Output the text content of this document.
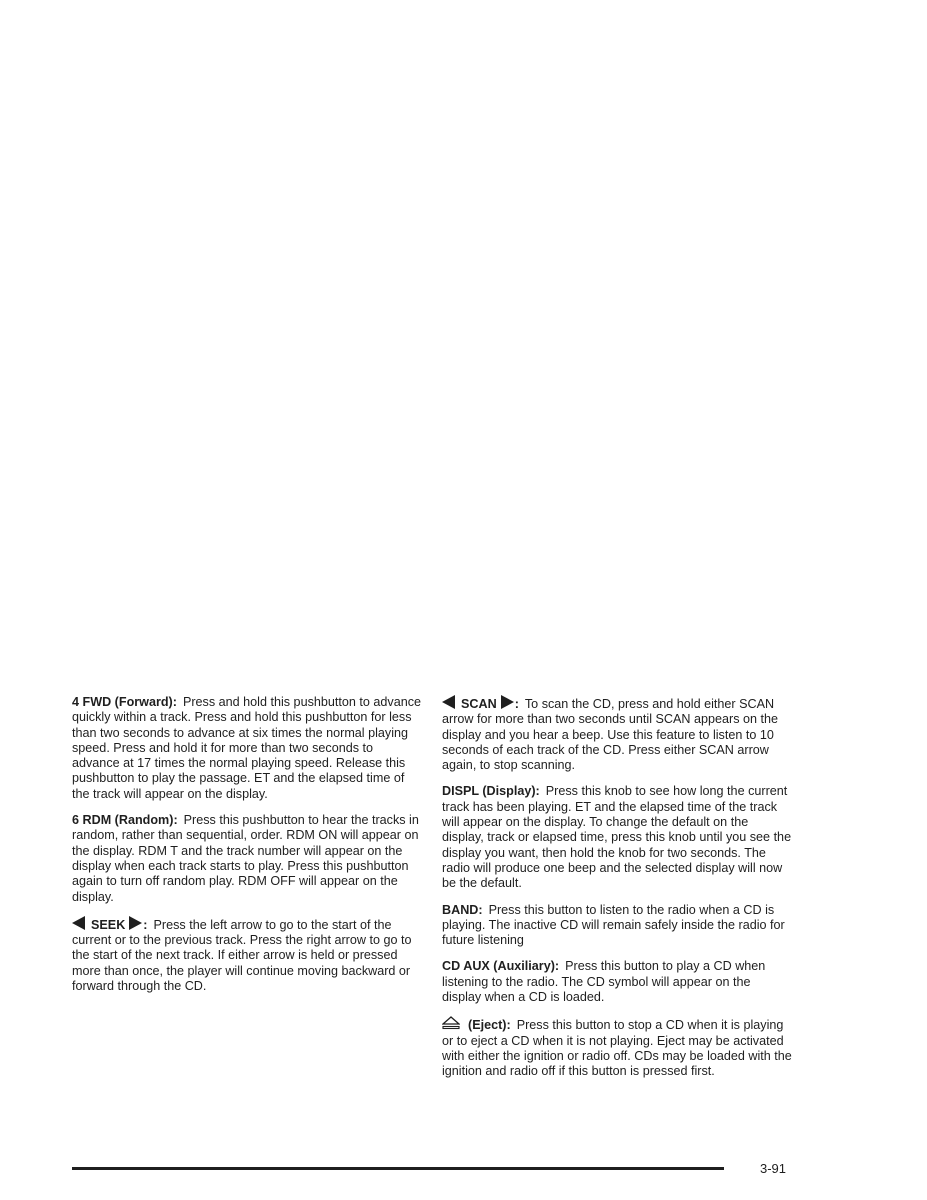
4 FWD (Forward): Press and hold this pushbutton to advance quickly within a track. Press and hold this pushbutton for less than two seconds to advance at six times the normal playing speed. Press and hold it for more than two seconds to advance at 17 times the normal playing speed. Release this pushbutton to play the passage. ET and the elapsed time of the track will appear on the display.

6 RDM (Random): Press this pushbutton to hear the tracks in random, rather than sequential, order. RDM ON will appear on the display. RDM T and the track number will appear on the display when each track starts to play. Press this pushbutton again to turn off random play. RDM OFF will appear on the display.

SEEK : Press the left arrow to go to the start of the current or to the previous track. Press the right arrow to go to the start of the next track. If either arrow is held or pressed more than once, the player will continue moving backward or forward through the CD.

SCAN : To scan the CD, press and hold either SCAN arrow for more than two seconds until SCAN appears on the display and you hear a beep. Use this feature to listen to 10 seconds of each track of the CD. Press either SCAN arrow again, to stop scanning.

DISPL (Display): Press this knob to see how long the current track has been playing. ET and the elapsed time of the track will appear on the display. To change the default on the display, track or elapsed time, press this knob until you see the display you want, then hold the knob for two seconds. The radio will produce one beep and the selected display will now be the default.

BAND: Press this button to listen to the radio when a CD is playing. The inactive CD will remain safely inside the radio for future listening

CD AUX (Auxiliary): Press this button to play a CD when listening to the radio. The CD symbol will appear on the display when a CD is loaded.

(Eject): Press this button to stop a CD when it is playing or to eject a CD when it is not playing. Eject may be activated with either the ignition or radio off. CDs may be loaded with the ignition and radio off if this button is pressed first.

3-91
